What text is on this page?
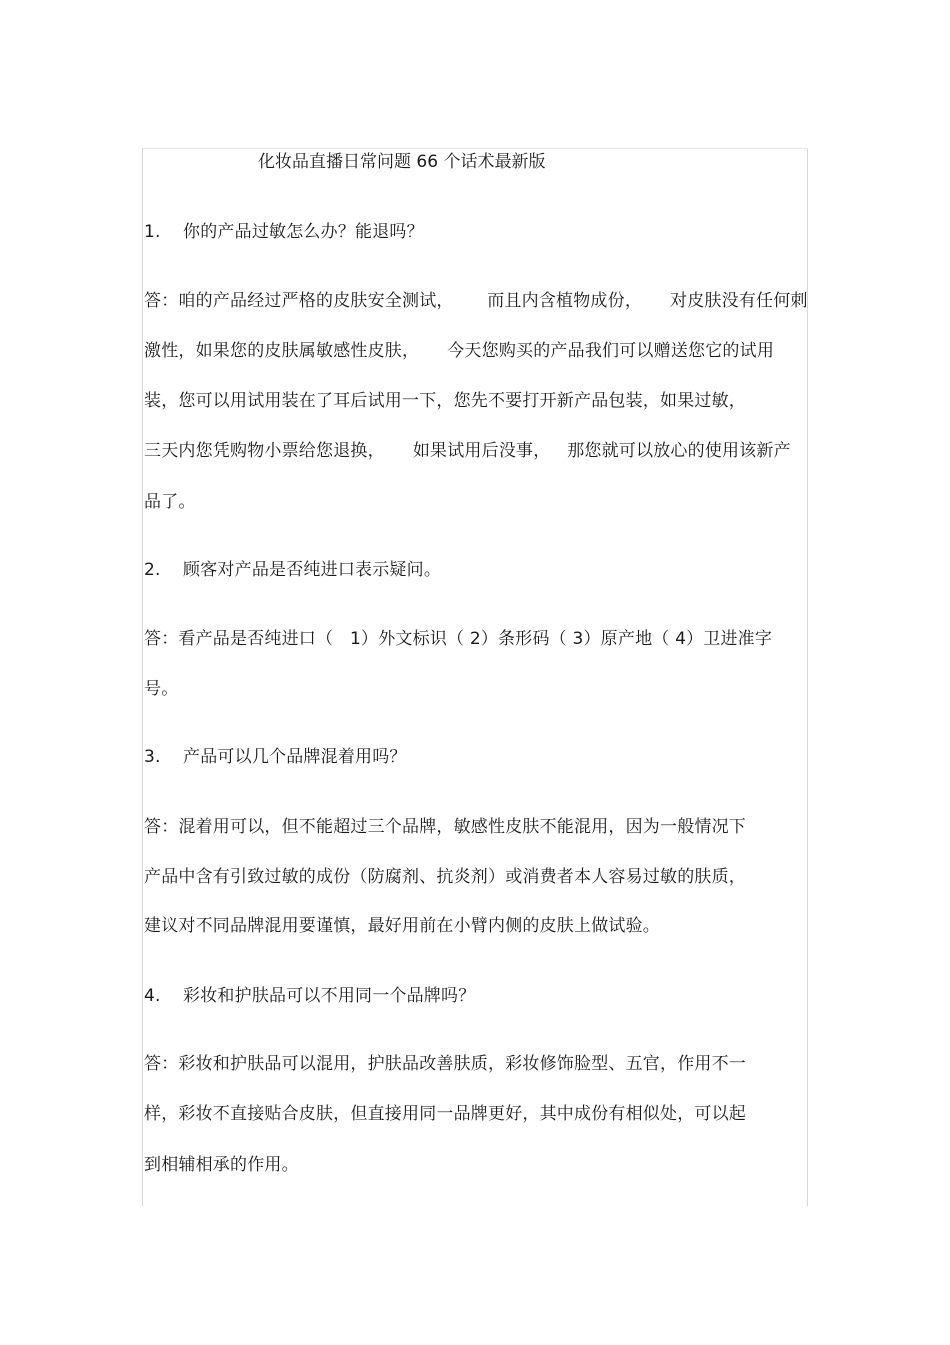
化妆品直播日常问题 66 个话术最新版
1.    你的产品过敏怎么办？能退吗？
答：咱的产品经过严格的皮肤安全测试，      而且内含植物成份，     对皮肤没有任何刺
激性，如果您的皮肤属敏感性皮肤，     今天您购买的产品我们可以赠送您它的试用
装，您可以用试用装在了耳后试用一下，您先不要打开新产品包装，如果过敏，
三天内您凭购物小票给您退换，     如果试用后没事，   那您就可以放心的使用该新产
品了。
2.    顾客对产品是否纯进口表示疑问。
答：看产品是否纯进口（   1）外文标识（ 2）条形码（ 3）原产地（ 4）卫进准字
号。
3.    产品可以几个品牌混着用吗？
答：混着用可以，但不能超过三个品牌，敏感性皮肤不能混用，因为一般情况下
产品中含有引致过敏的成份（防腐剂、抗炎剂）或消费者本人容易过敏的肤质，
建议对不同品牌混用要谨慎，最好用前在小臂内侧的皮肤上做试验。
4.    彩妆和护肤品可以不用同一个品牌吗？
答：彩妆和护肤品可以混用，护肤品改善肤质，彩妆修饰脸型、五官，作用不一
样，彩妆不直接贴合皮肤，但直接用同一品牌更好，其中成份有相似处，可以起
到相辅相承的作用。
